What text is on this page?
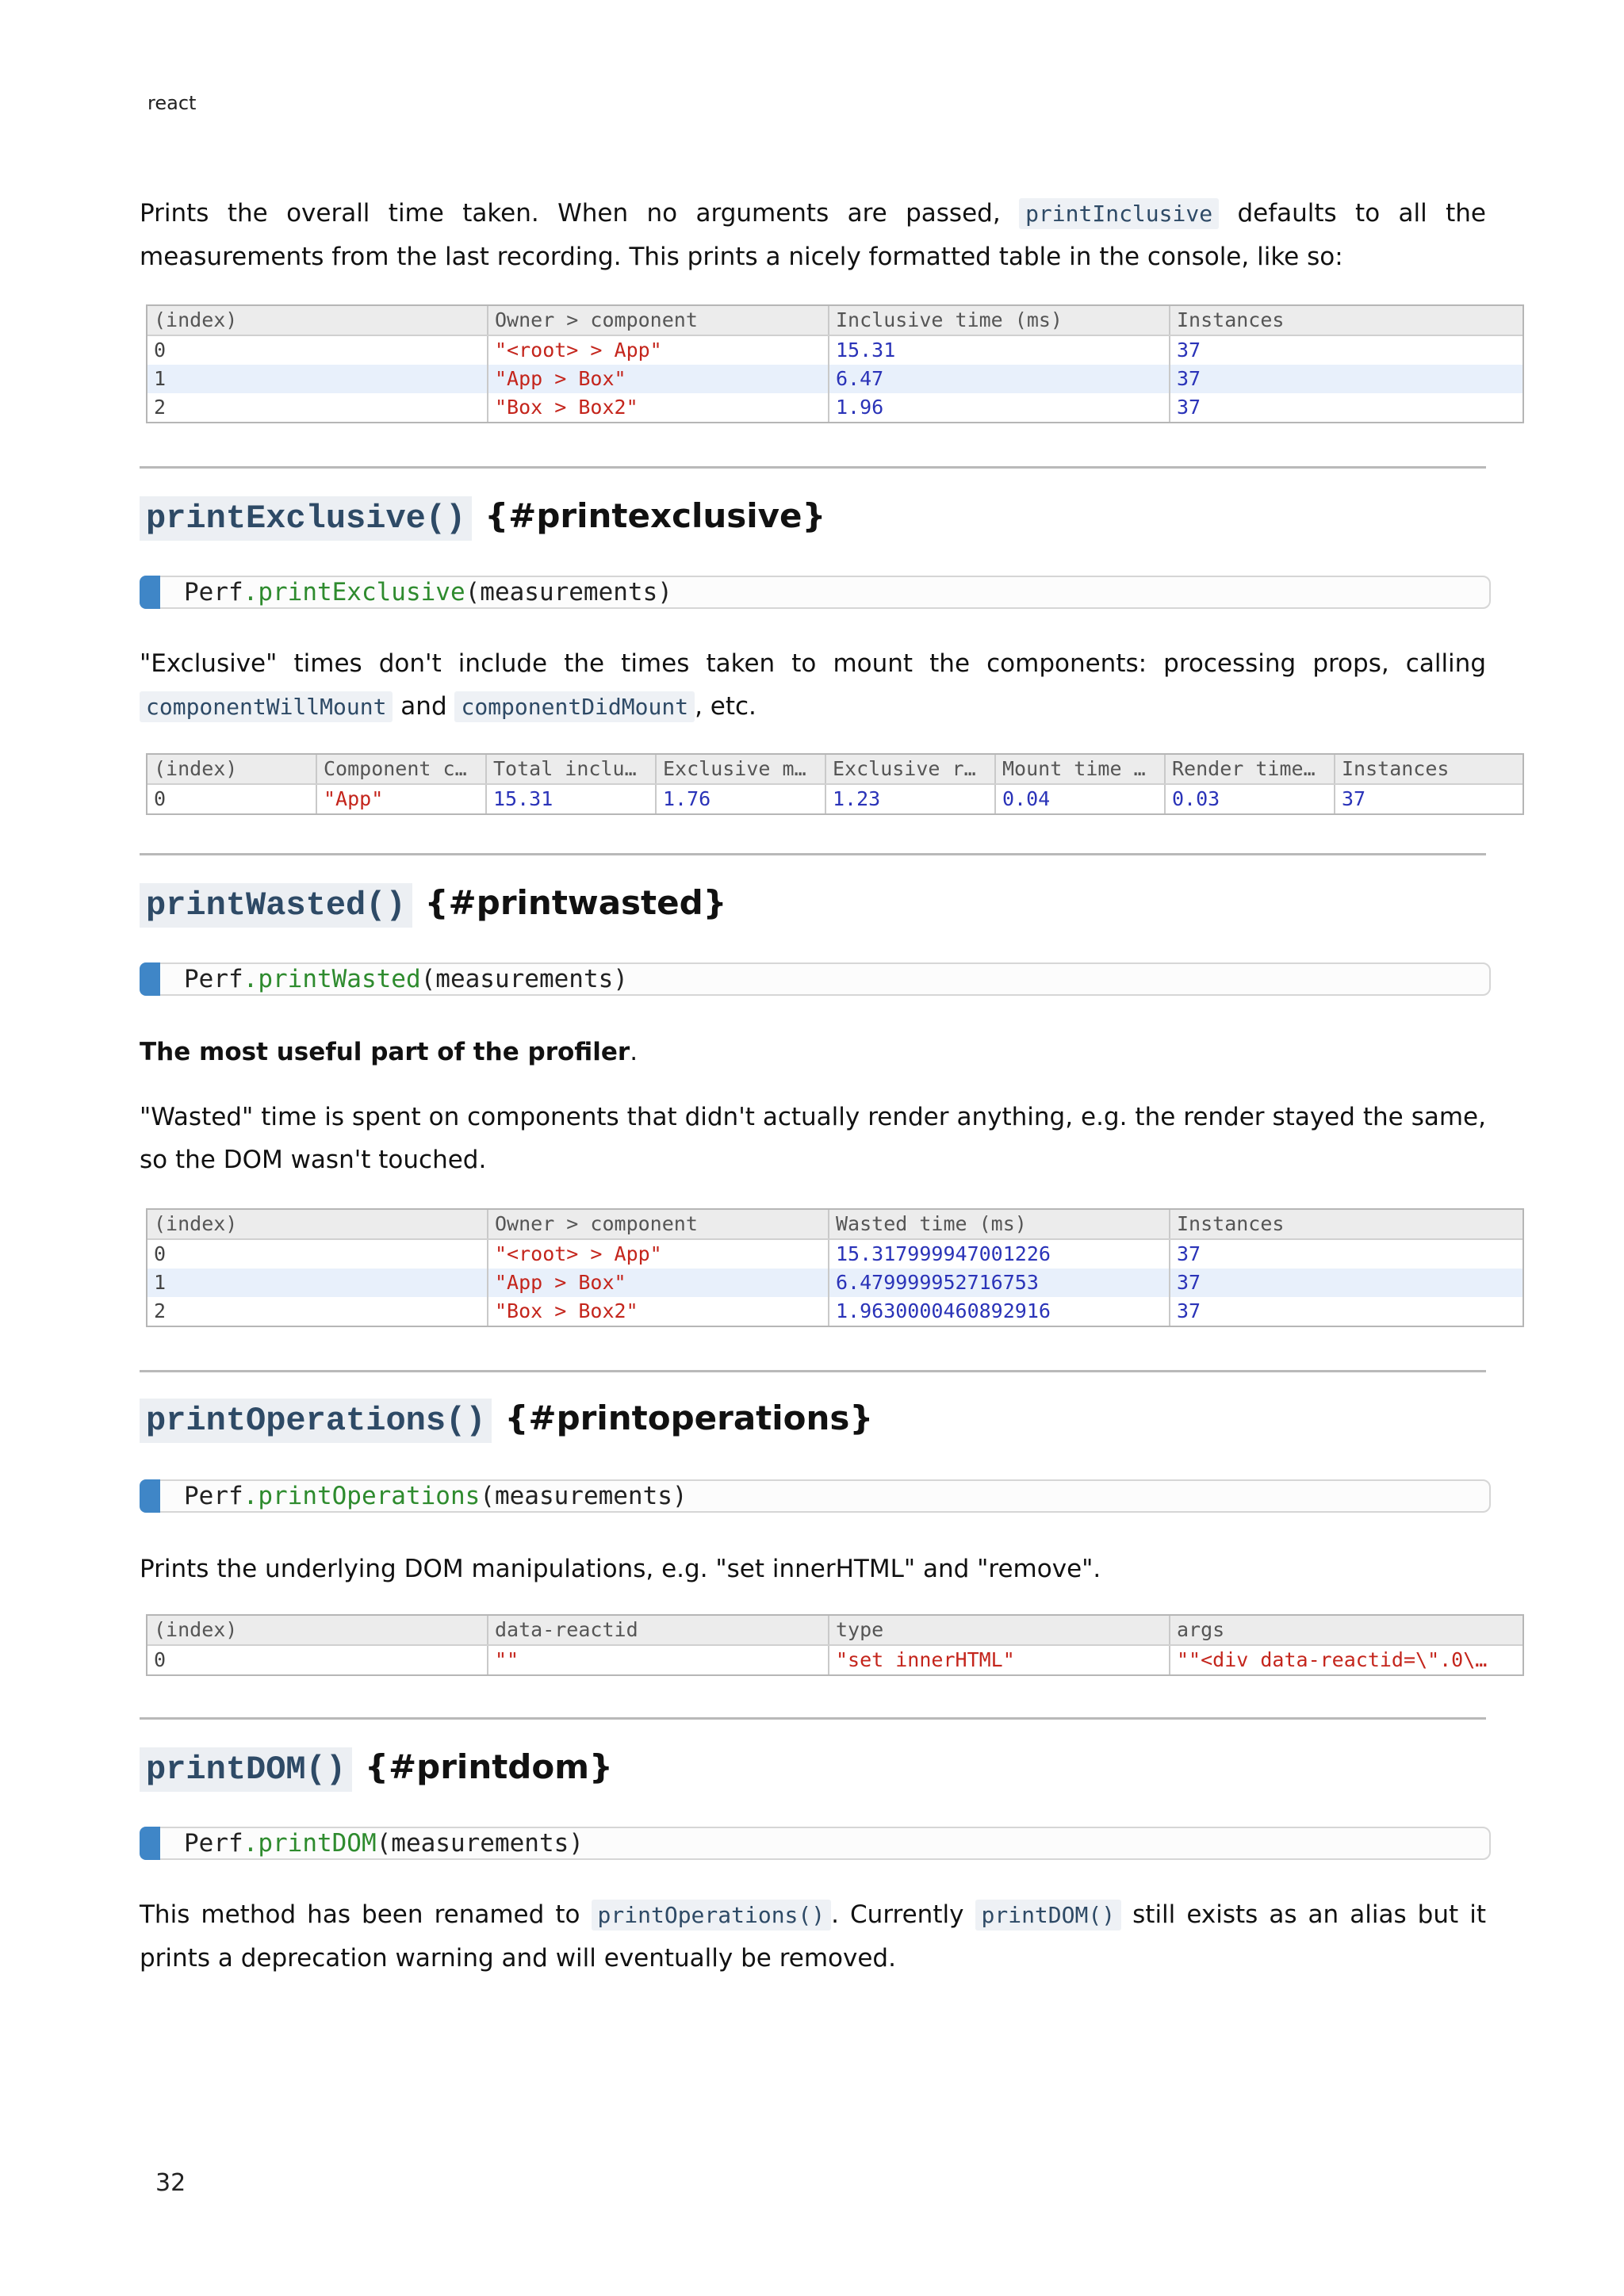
react

Prints the overall time taken. When no arguments are passed, printInclusive defaults to all the measurements from the last recording. This prints a nicely formatted table in the console, like so:

(index)	Owner > component	Inclusive time (ms)	Instances
0	"<root> > App"	15.31	37
1	"App > Box"	6.47	37
2	"Box > Box2"	1.96	37
printExclusive() {#printexclusive}
Perf.printExclusive(measurements)

"Exclusive" times don't include the times taken to mount the components: processing props, calling componentWillMount and componentDidMount , etc.

(index)	Component c…	Total inclu…	Exclusive m…	Exclusive r…	Mount time …	Render time…	Instances
0	"App"	15.31	1.76	1.23	0.04	0.03	37
printWasted() {#printwasted}
Perf.printWasted(measurements)

The most useful part of the profiler.

"Wasted" time is spent on components that didn't actually render anything, e.g. the render stayed the same, so the DOM wasn't touched.

(index)	Owner > component	Wasted time (ms)	Instances
0	"<root> > App"	15.317999947001226	37
1	"App > Box"	6.479999952716753	37
2	"Box > Box2"	1.9630000460892916	37
printOperations() {#printoperations}
Perf.printOperations(measurements)

Prints the underlying DOM manipulations, e.g. "set innerHTML" and "remove".

(index)	data-reactid	type	args
0	""	"set innerHTML"	""<div data-reactid=\".0\…
printDOM() {#printdom}
Perf.printDOM(measurements)

This method has been renamed to printOperations() . Currently printDOM() still exists as an alias but it prints a deprecation warning and will eventually be removed.

32
